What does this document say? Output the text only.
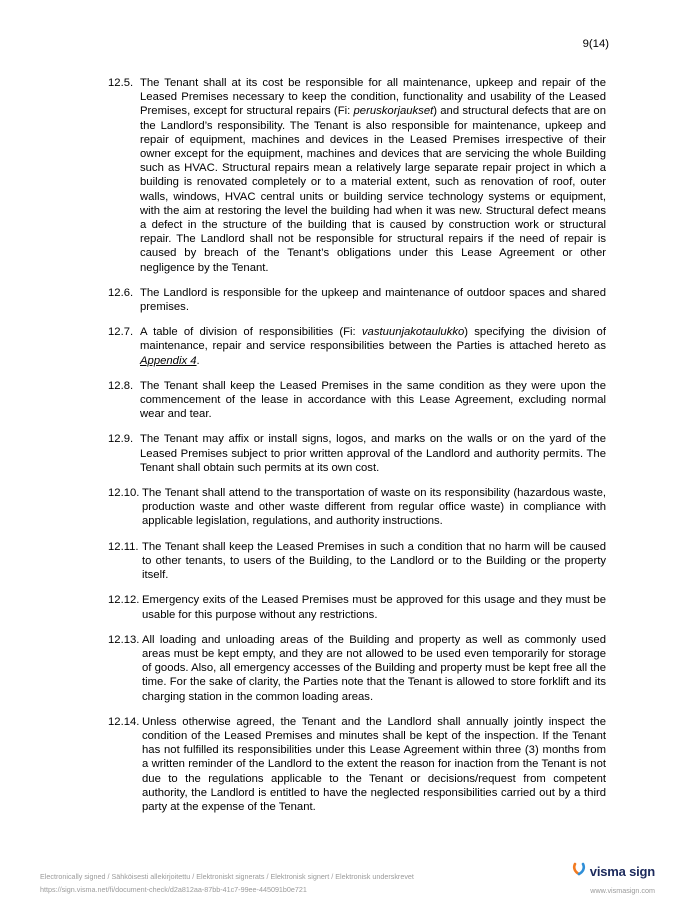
9(14)
12.5. The Tenant shall at its cost be responsible for all maintenance, upkeep and repair of the Leased Premises necessary to keep the condition, functionality and usability of the Leased Premises, except for structural repairs (Fi: peruskorjaukset) and structural defects that are on the Landlord’s responsibility. The Tenant is also responsible for maintenance, upkeep and repair of equipment, machines and devices in the Leased Premises irrespective of their owner except for the equipment, machines and devices that are servicing the whole Building such as HVAC. Structural repairs mean a relatively large separate repair project in which a building is renovated completely or to a material extent, such as renovation of roof, outer walls, windows, HVAC central units or building service technology systems or equipment, with the aim at restoring the level the building had when it was new. Structural defect means a defect in the structure of the building that is caused by construction work or structural repair. The Landlord shall not be responsible for structural repairs if the need of repair is caused by breach of the Tenant’s obligations under this Lease Agreement or other negligence by the Tenant.
12.6. The Landlord is responsible for the upkeep and maintenance of outdoor spaces and shared premises.
12.7. A table of division of responsibilities (Fi: vastuunjakotaulukko) specifying the division of maintenance, repair and service responsibilities between the Parties is attached hereto as Appendix 4.
12.8. The Tenant shall keep the Leased Premises in the same condition as they were upon the commencement of the lease in accordance with this Lease Agreement, excluding normal wear and tear.
12.9. The Tenant may affix or install signs, logos, and marks on the walls or on the yard of the Leased Premises subject to prior written approval of the Landlord and authority permits. The Tenant shall obtain such permits at its own cost.
12.10. The Tenant shall attend to the transportation of waste on its responsibility (hazardous waste, production waste and other waste different from regular office waste) in compliance with applicable legislation, regulations, and authority instructions.
12.11. The Tenant shall keep the Leased Premises in such a condition that no harm will be caused to other tenants, to users of the Building, to the Landlord or to the Building or the property itself.
12.12. Emergency exits of the Leased Premises must be approved for this usage and they must be usable for this purpose without any restrictions.
12.13. All loading and unloading areas of the Building and property as well as commonly used areas must be kept empty, and they are not allowed to be used even temporarily for storage of goods. Also, all emergency accesses of the Building and property must be kept free all the time. For the sake of clarity, the Parties note that the Tenant is allowed to store forklift and its charging station in the common loading areas.
12.14. Unless otherwise agreed, the Tenant and the Landlord shall annually jointly inspect the condition of the Leased Premises and minutes shall be kept of the inspection. If the Tenant has not fulfilled its responsibilities under this Lease Agreement within three (3) months from a written reminder of the Landlord to the extent the reason for inaction from the Tenant is not due to the regulations applicable to the Tenant or decisions/request from competent authority, the Landlord is entitled to have the neglected responsibilities carried out by a third party at the expense of the Tenant.
Electronically signed / Sähköisesti allekirjoitettu / Elektroniskt signerats / Elektronisk signert / Elektronisk underskrevet
https://sign.visma.net/fi/document-check/d2a812aa-87bb-41c7-99ee-445091b0e721
visma sign
www.vismasign.com
